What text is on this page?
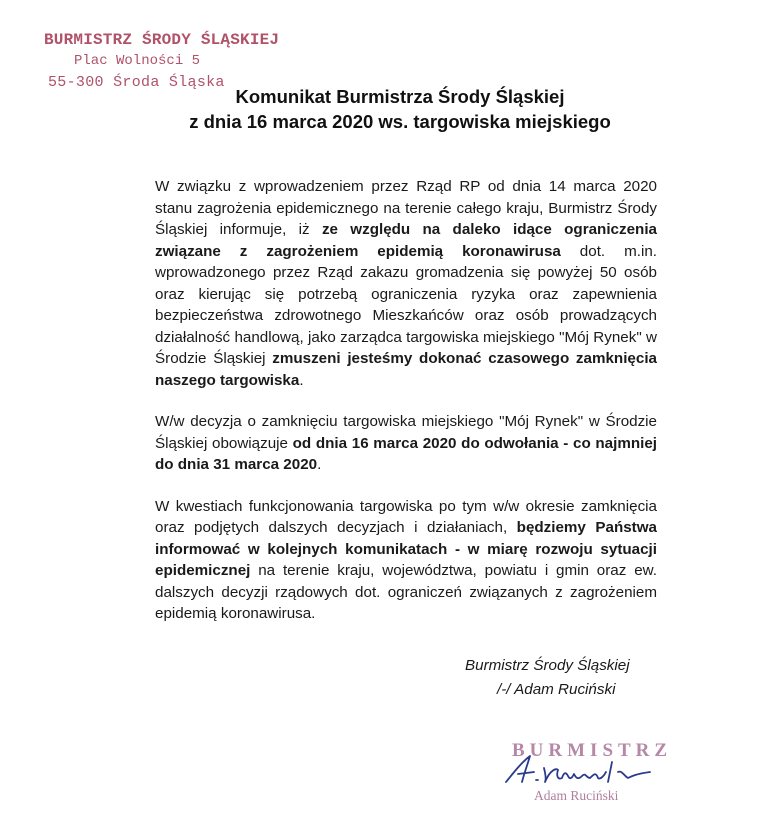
BURMISTRZ ŚRODY ŚLĄSKIEJ
Plac Wolności 5
55-300 Środa Śląska
Komunikat Burmistrza Środy Śląskiej
z dnia 16 marca 2020 ws. targowiska miejskiego

W związku z wprowadzeniem przez Rząd RP od dnia 14 marca 2020 stanu zagrożenia epidemicznego na terenie całego kraju, Burmistrz Środy Śląskiej informuje, iż ze względu na daleko idące ograniczenia związane z zagrożeniem epidemią koronawirusa dot. m.in. wprowadzonego przez Rząd zakazu gromadzenia się powyżej 50 osób oraz kierując się potrzebą ograniczenia ryzyka oraz zapewnienia bezpieczeństwa zdrowotnego Mieszkańców oraz osób prowadzących działalność handlową, jako zarządca targowiska miejskiego "Mój Rynek" w Środzie Śląskiej zmuszeni jesteśmy dokonać czasowego zamknięcia naszego targowiska.

W/w decyzja o zamknięciu targowiska miejskiego "Mój Rynek" w Środzie Śląskiej obowiązuje od dnia 16 marca 2020 do odwołania - co najmniej do dnia 31 marca 2020.

W kwestiach funkcjonowania targowiska po tym w/w okresie zamknięcia oraz podjętych dalszych decyzjach i działaniach, będziemy Państwa informować w kolejnych komunikatach - w miarę rozwoju sytuacji epidemicznej na terenie kraju, województwa, powiatu i gmin oraz ew. dalszych decyzji rządowych dot. ograniczeń związanych z zagrożeniem epidemią koronawirusa.

Burmistrz Środy Śląskiej
/-/ Adam Ruciński
BURMISTRZ
Adam Ruciński
